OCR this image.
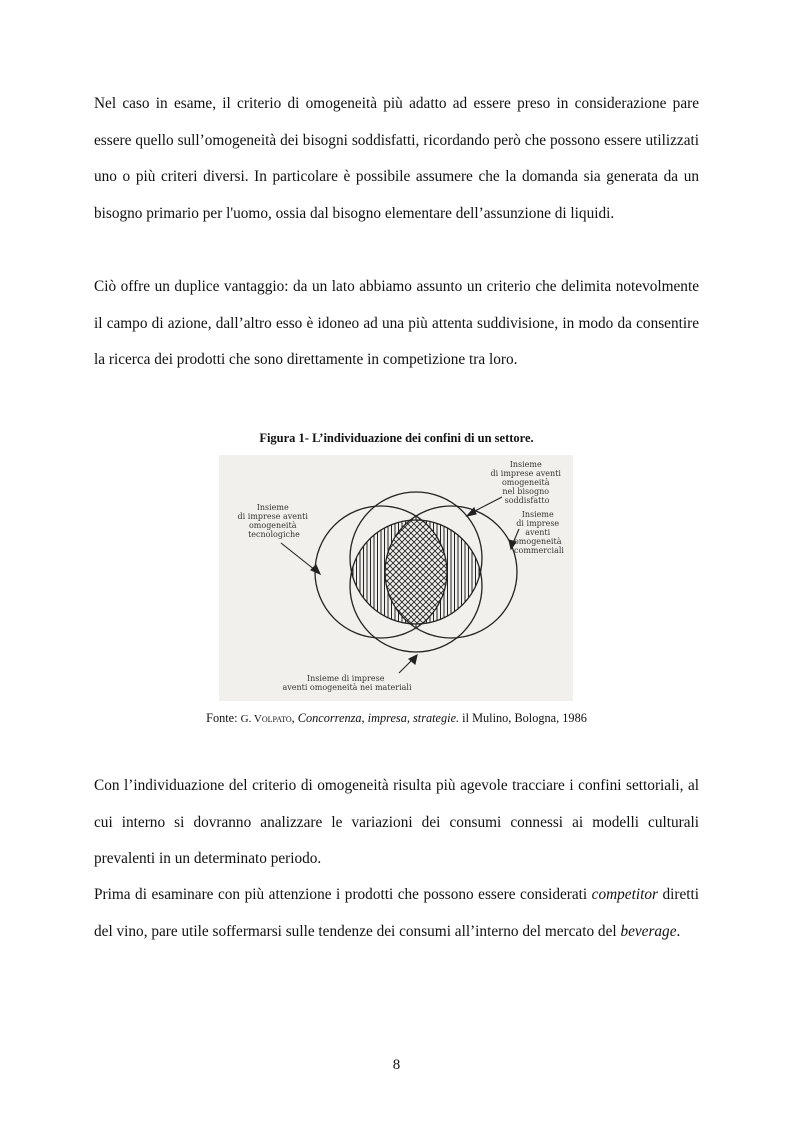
Nel caso in esame, il criterio di omogeneità più adatto ad essere preso in considerazione pare essere quello sull’omogeneità dei bisogni soddisfatti, ricordando però che possono essere utilizzati uno o più criteri diversi. In particolare è possibile assumere che la domanda sia generata da un bisogno primario per l'uomo, ossia dal bisogno elementare dell’assunzione di liquidi.

Ciò offre un duplice vantaggio: da un lato abbiamo assunto un criterio che delimita notevolmente il campo di azione, dall’altro esso è idoneo ad una più attenta suddivisione, in modo da consentire la ricerca dei prodotti che sono direttamente in competizione tra loro.

Figura 1- L’individuazione dei confini di un settore.

Insieme di imprese aventi omogeneità nel bisogno soddisfatto
Insieme di imprese aventi omogeneità tecnologiche
Insieme di imprese aventi omogeneità commerciali
Insieme di imprese aventi omogeneità nei materiali

Fonte: G. Volpato, Concorrenza, impresa, strategie. il Mulino, Bologna, 1986

Con l’individuazione del criterio di omogeneità risulta più agevole tracciare i confini settoriali, al cui interno si dovranno analizzare le variazioni dei consumi connessi ai modelli culturali prevalenti in un determinato periodo.

Prima di esaminare con più attenzione i prodotti che possono essere considerati competitor diretti del vino, pare utile soffermarsi sulle tendenze dei consumi all’interno del mercato del beverage.

8
